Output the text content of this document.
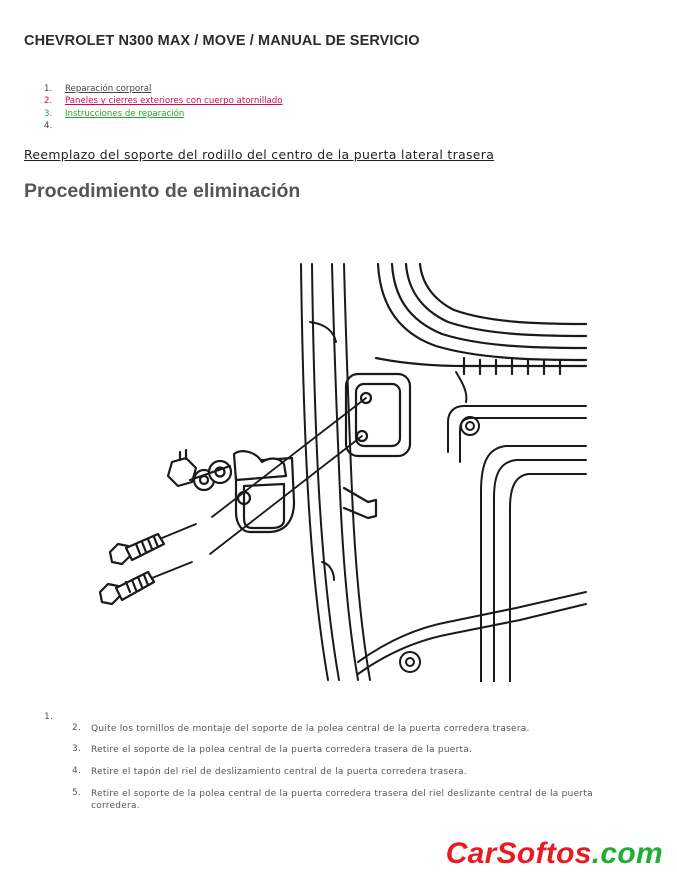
CHEVROLET N300 MAX / MOVE / MANUAL DE SERVICIO
1.	Reparación corporal
2.	Paneles y cierres exteriores con cuerpo atornillado
3.	Instrucciones de reparación
4.
Reemplazo del soporte del rodillo del centro de la puerta lateral trasera
Procedimiento de eliminación
1.
2. Quite los tornillos de montaje del soporte de la polea central de la puerta corredera trasera.
3. Retire el soporte de la polea central de la puerta corredera trasera de la puerta.
4. Retire el tapón del riel de deslizamiento central de la puerta corredera trasera.
5. Retire el soporte de la polea central de la puerta corredera trasera del riel deslizante central de la puerta corredera.
CarSoftos.com
